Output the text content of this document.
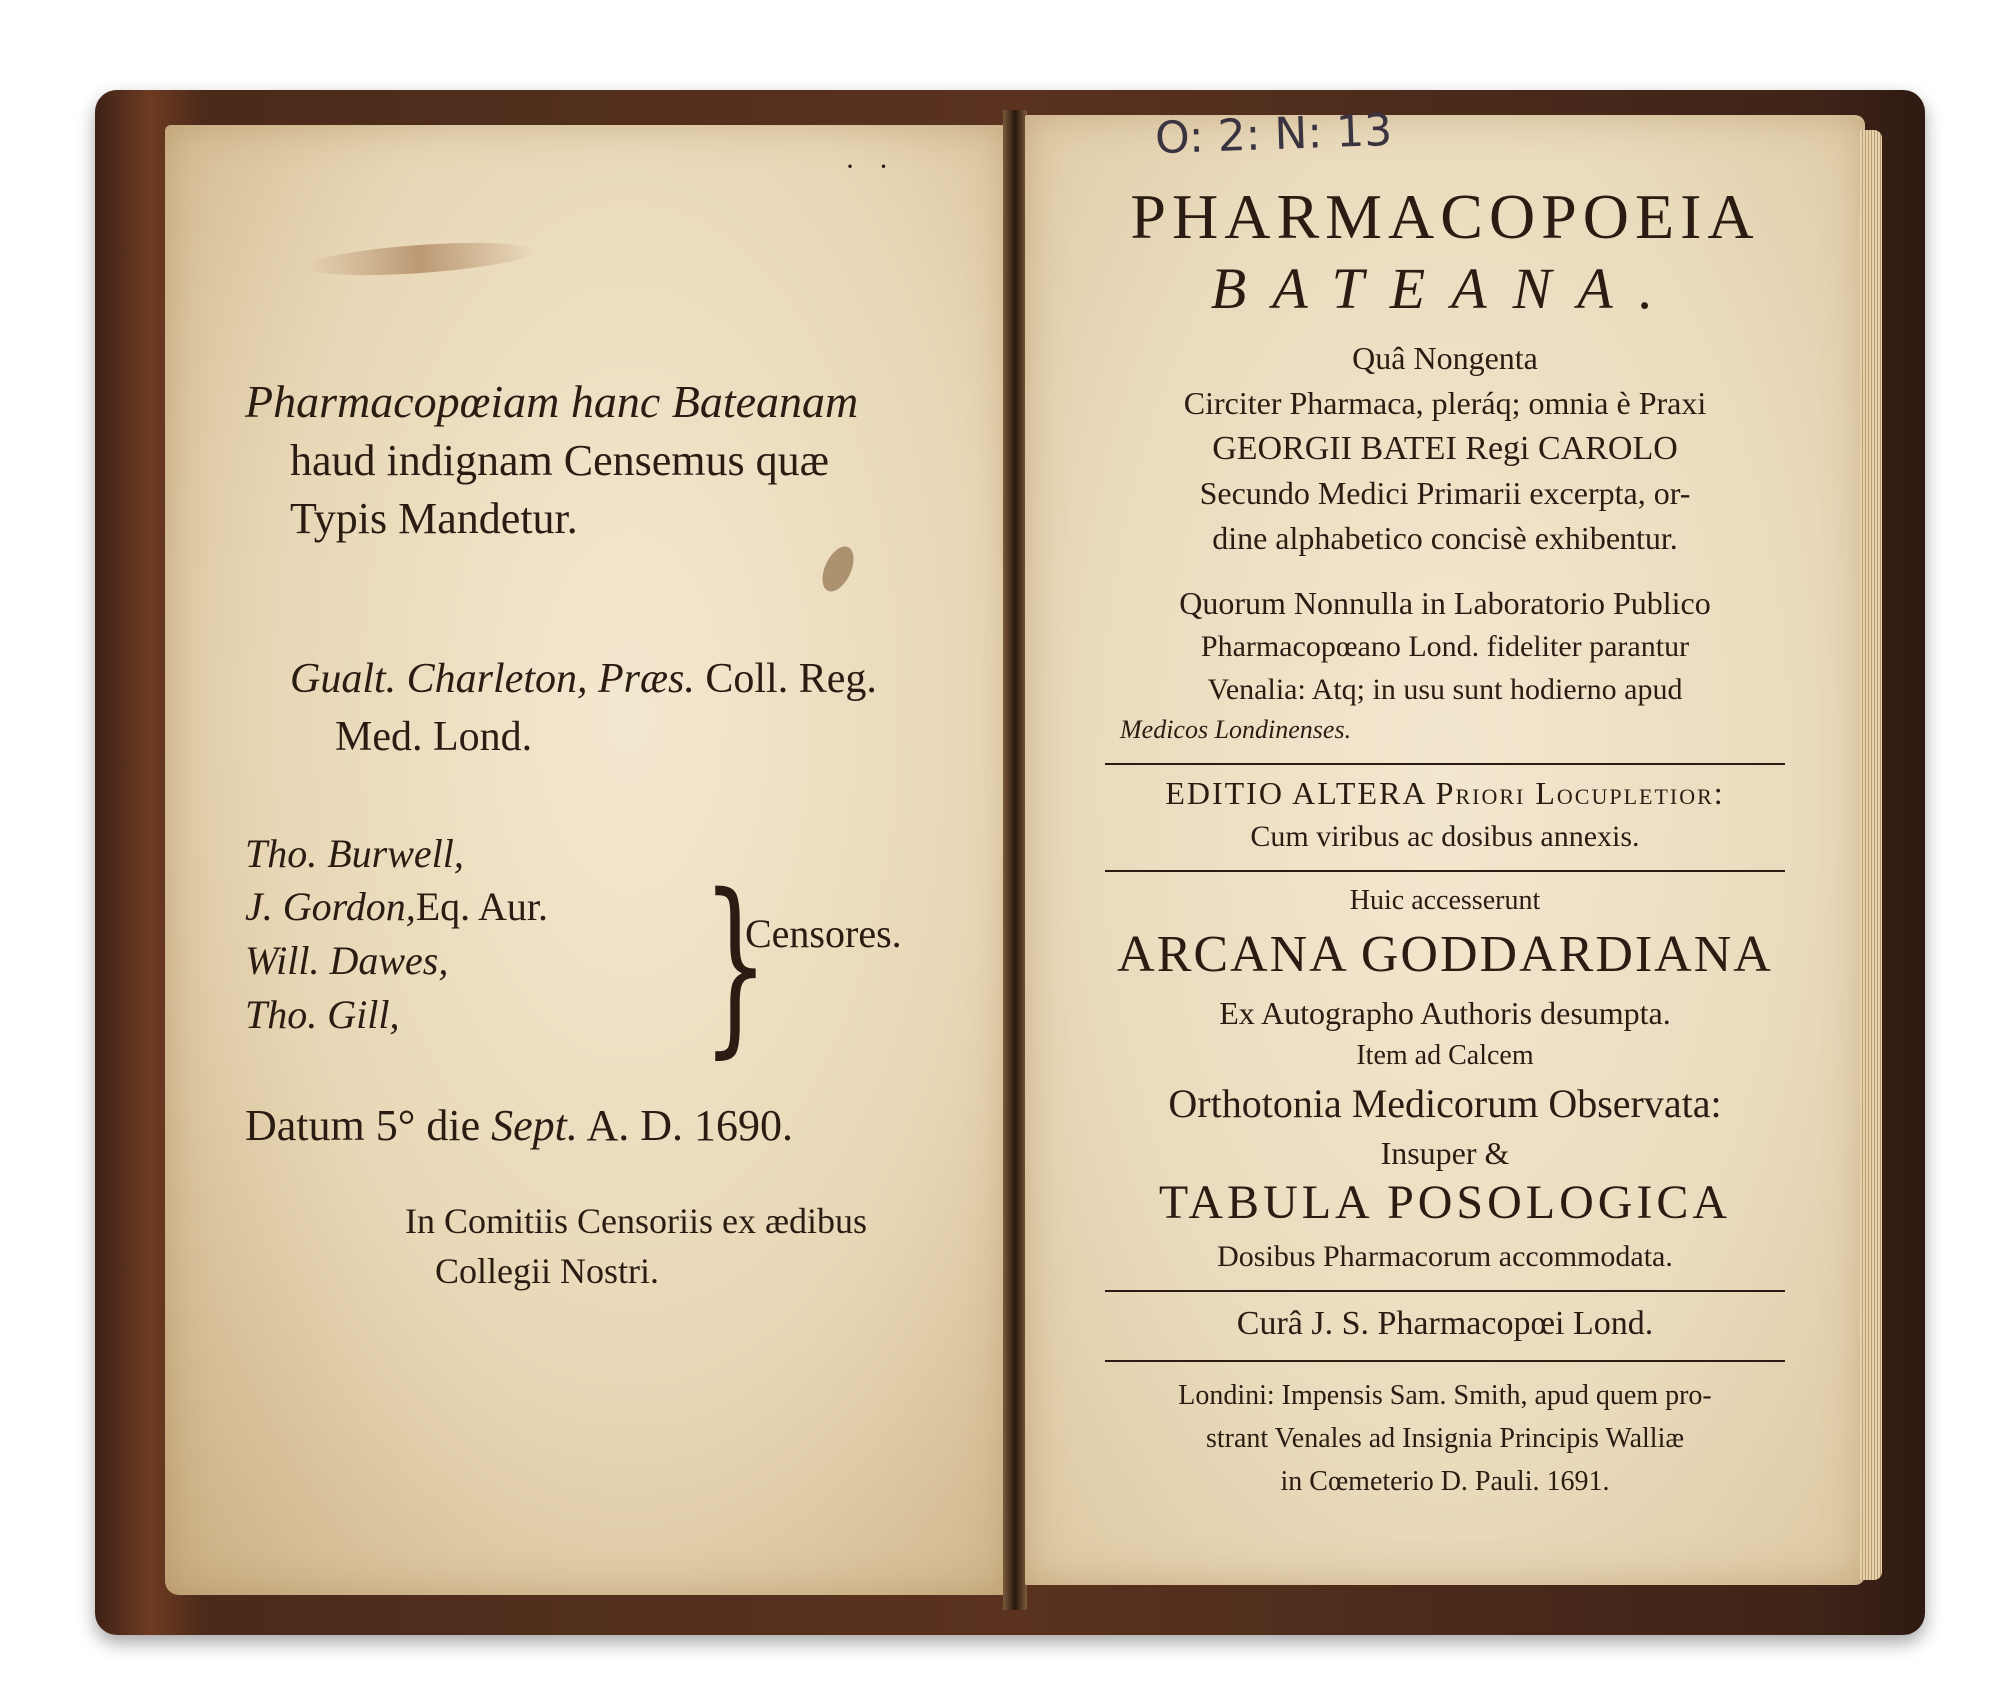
· ·
Pharmacopœiam hanc Bateanam
haud indignam Censemus quæ
Typis Mandetur.
Gualt. Charleton, Præs. Coll. Reg.
Med. Lond.
Tho. Burwell,
J. Gordon,Eq. Aur.
Will. Dawes,
Tho. Gill, }
Censores.
Datum 5° die Sept. A. D. 1690.
In Comitiis Censoriis ex ædibus
Collegii Nostri.
O: 2: N: 13
PHARMACOPOEIA
BATEANA.
Quâ Nongenta
Circiter Pharmaca, pleráq; omnia è Praxi
GEORGII BATEI Regi CAROLO
Secundo Medici Primarii excerpta, or-
dine alphabetico concisè exhibentur.
Quorum Nonnulla in Laboratorio Publico
Pharmacopœano Lond. fideliter parantur
Venalia: Atq; in usu sunt hodierno apud
Medicos Londinenses.
EDITIO ALTERA Priori Locupletior:
Cum viribus ac dosibus annexis.
Huic accesserunt
ARCANA GODDARDIANA
Ex Autographo Authoris desumpta.
Item ad Calcem
Orthotonia Medicorum Observata:
Insuper &
TABULA POSOLOGICA
Dosibus Pharmacorum accommodata.
Curâ J. S. Pharmacopœi Lond.
Londini: Impensis Sam. Smith, apud quem pro-
strant Venales ad Insignia Principis Walliæ
in Cœmeterio D. Pauli. 1691.
